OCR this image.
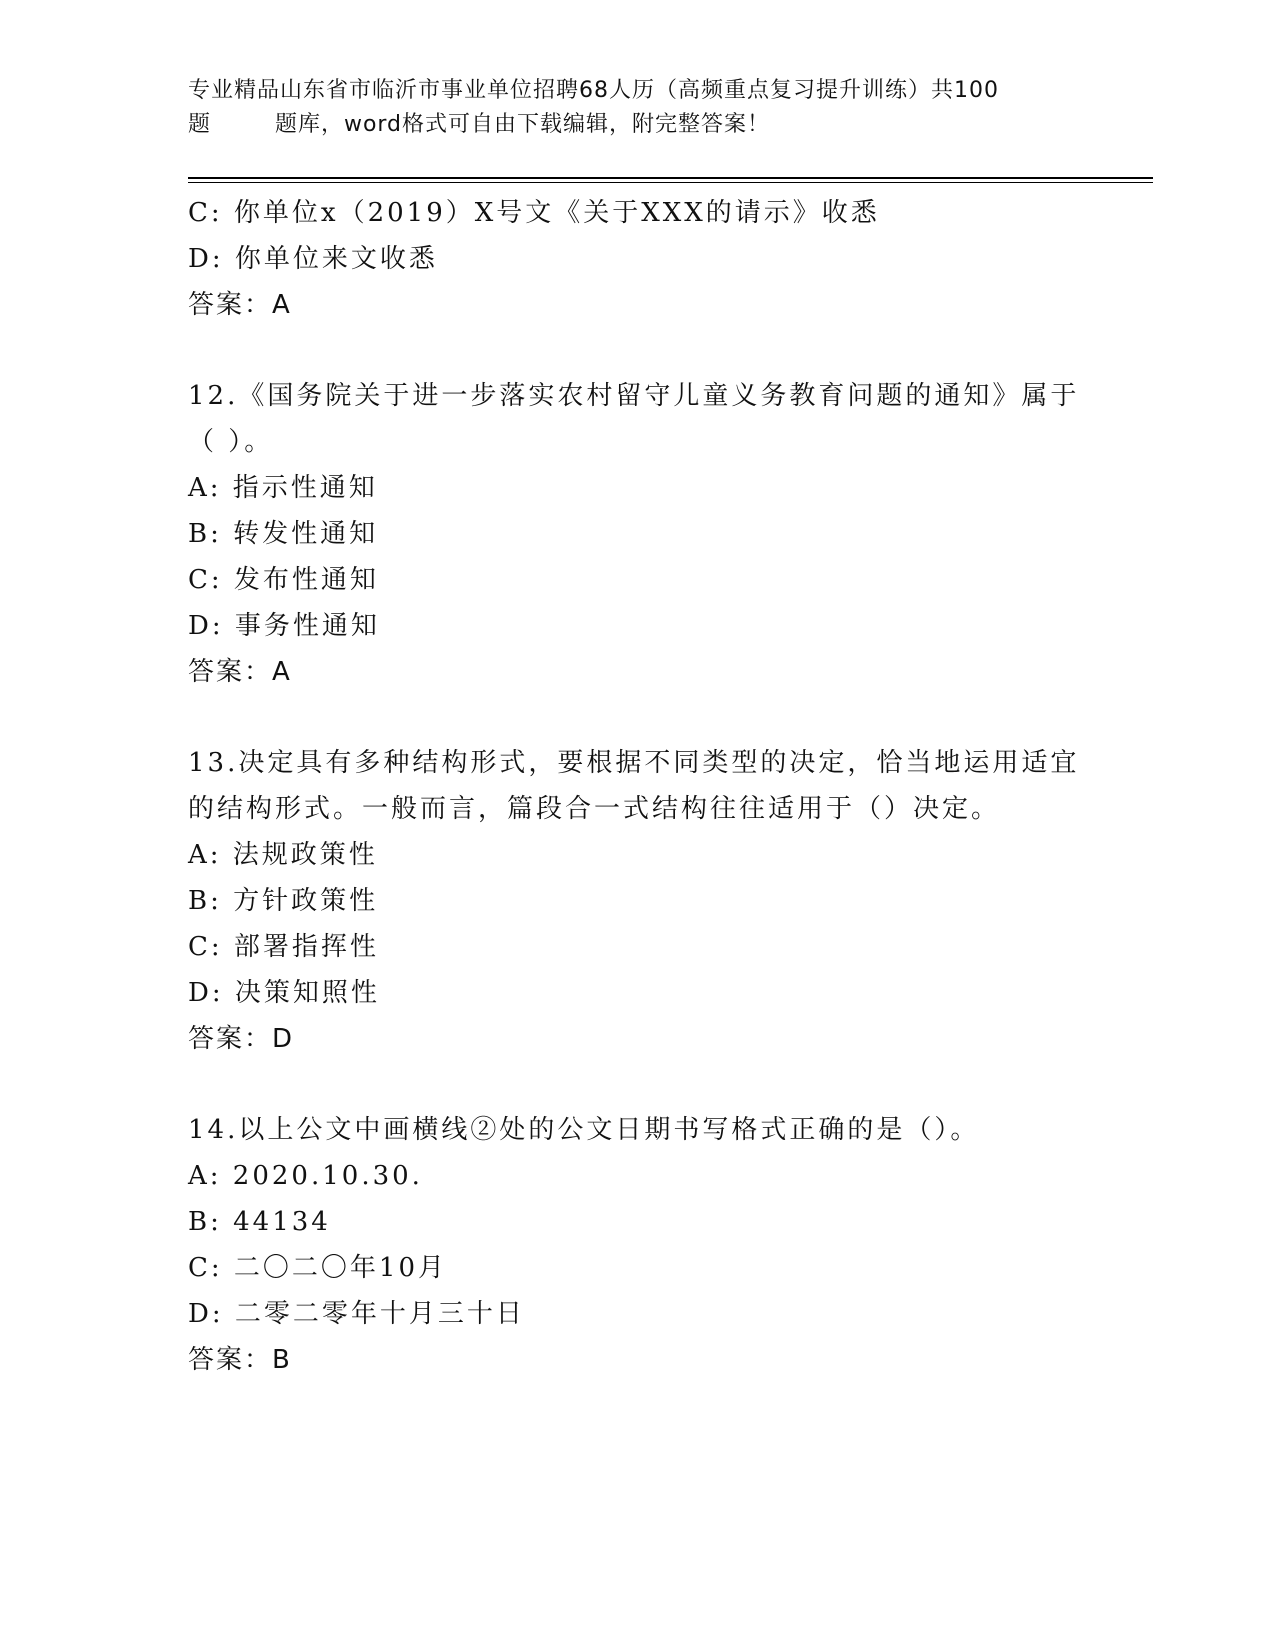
专业精品山东省市临沂市事业单位招聘68人历（高频重点复习提升训练）共100
题        题库，word格式可自由下载编辑，附完整答案！
C: 你单位x（2019）X号文《关于XXX的请示》收悉
D: 你单位来文收悉
答案：A
12.《国务院关于进一步落实农村留守儿童义务教育问题的通知》属于
（ ）。
A: 指示性通知
B: 转发性通知
C: 发布性通知
D: 事务性通知
答案：A
13.决定具有多种结构形式，要根据不同类型的决定，恰当地运用适宜
的结构形式。一般而言，篇段合一式结构往往适用于（）决定。
A: 法规政策性
B: 方针政策性
C: 部署指挥性
D: 决策知照性
答案：D
14.以上公文中画横线②处的公文日期书写格式正确的是（）。
A: 2020.10.30.
B: 44134
C: 二〇二〇年10月
D: 二零二零年十月三十日
答案：B
